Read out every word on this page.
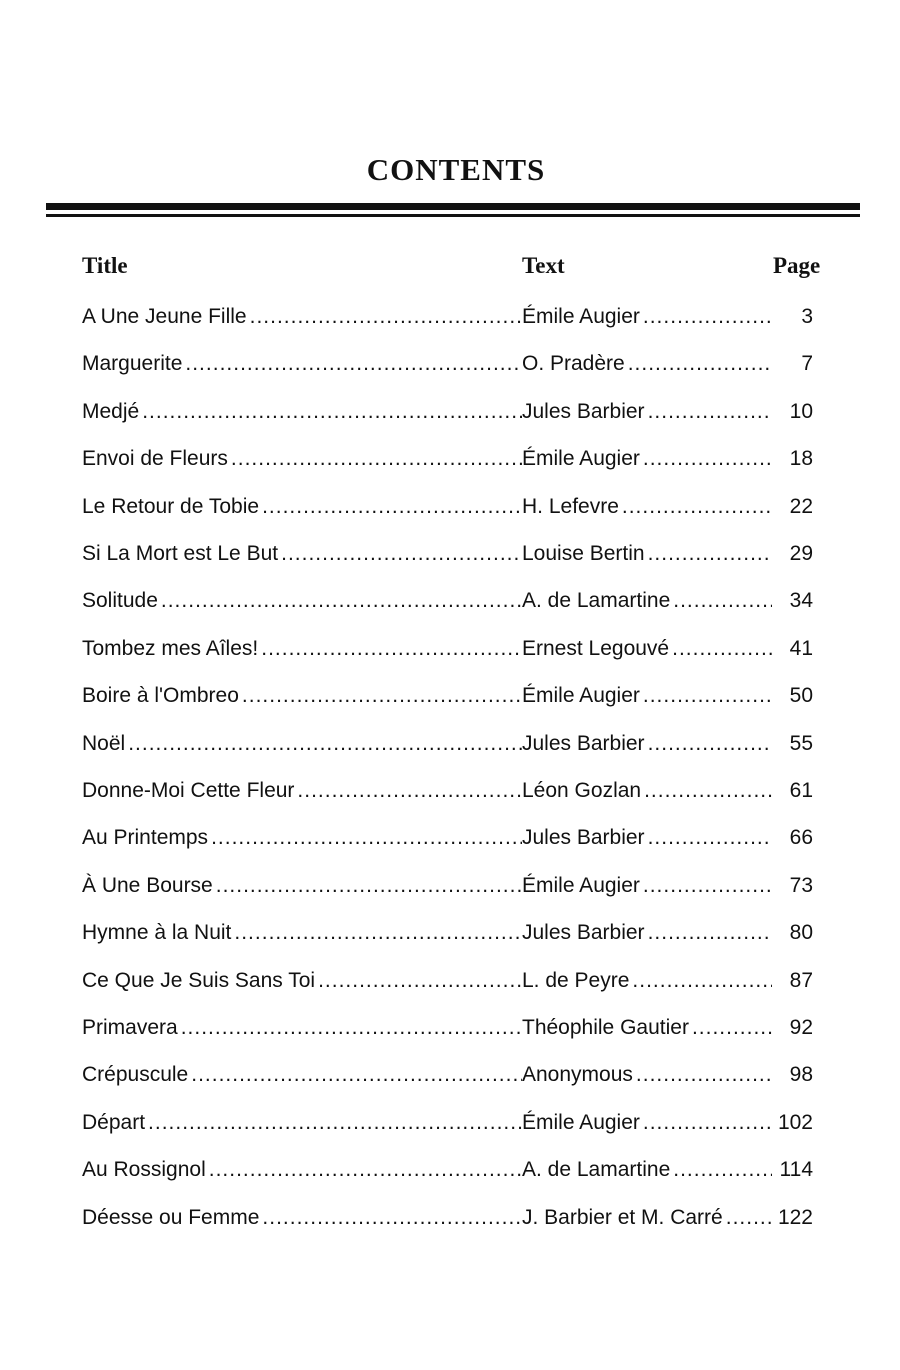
CONTENTS
Title	Text	Page
A Une Jeune Fille .....	Émile Augier .....	3
Marguerite .....	O. Pradère .....	7
Medjé .....	Jules Barbier .....	10
Envoi de Fleurs .....	Émile Augier .....	18
Le Retour de Tobie .....	H. Lefevre .....	22
Si La Mort est Le But .....	Louise Bertin .....	29
Solitude .....	A. de Lamartine .....	34
Tombez mes Aîles! .....	Ernest Legouvé .....	41
Boire à l'Ombreo .....	Émile Augier .....	50
Noël .....	Jules Barbier .....	55
Donne-Moi Cette Fleur .....	Léon Gozlan .....	61
Au Printemps .....	Jules Barbier .....	66
À Une Bourse .....	Émile Augier .....	73
Hymne à la Nuit .....	Jules Barbier .....	80
Ce Que Je Suis Sans Toi .....	L. de Peyre .....	87
Primavera .....	Théophile Gautier .....	92
Crépuscule .....	Anonymous .....	98
Départ .....	Émile Augier .....	102
Au Rossignol .....	A. de Lamartine .....	114
Déesse ou Femme .....	J. Barbier et M. Carré .....	122
